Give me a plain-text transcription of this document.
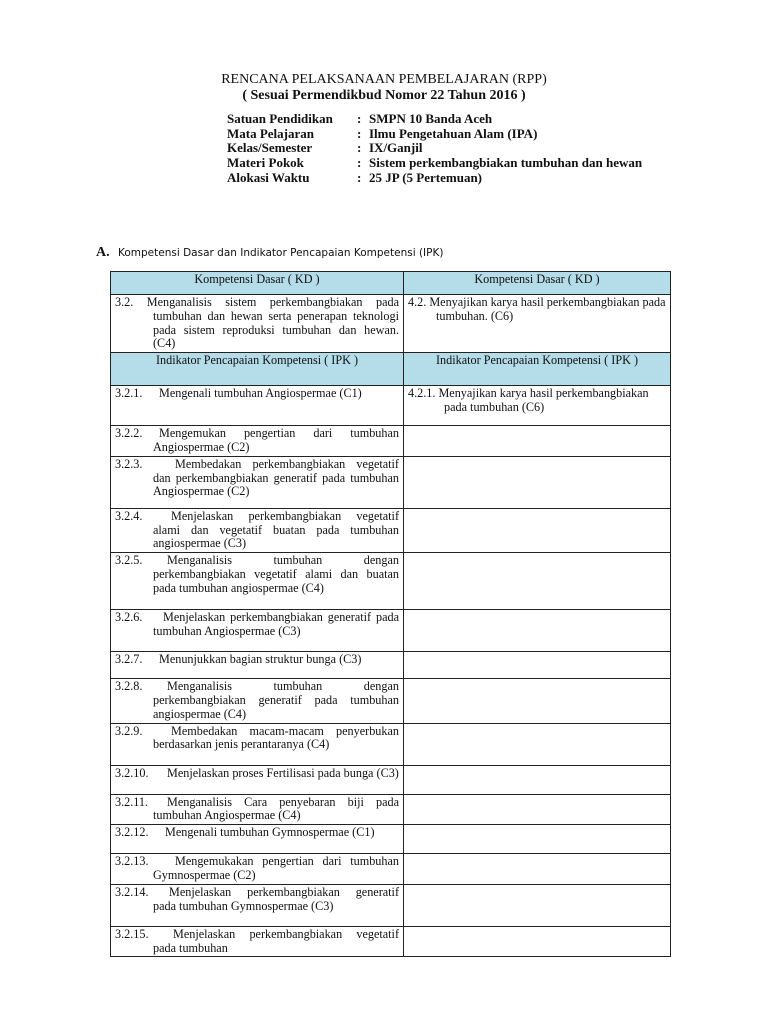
RENCANA PELAKSANAAN PEMBELAJARAN (RPP)
( Sesuai Permendikbud Nomor 22 Tahun 2016 )
Satuan Pendidikan	: SMPN 10 Banda Aceh
Mata Pelajaran	: Ilmu Pengetahuan Alam (IPA)
Kelas/Semester	: IX/Ganjil
Materi Pokok	: Sistem perkembangbiakan tumbuhan dan hewan
Alokasi Waktu	: 25 JP (5 Pertemuan)
A. Kompetensi Dasar dan Indikator Pencapaian Kompetensi (IPK)
Kompetensi Dasar ( KD )	Kompetensi Dasar ( KD )

3.2. Menganalisis sistem perkembangbiakan pada tumbuhan dan hewan serta penerapan teknologi pada sistem reproduksi tumbuhan dan hewan. (C4)	4.2. Menyajikan karya hasil perkembangbiakan pada tumbuhan. (C6)

Indikator Pencapaian Kompetensi ( IPK )	Indikator Pencapaian Kompetensi ( IPK )

3.2.1. Mengenali tumbuhan Angiospermae (C1)	4.2.1. Menyajikan karya hasil perkembangbiakan pada tumbuhan (C6)

3.2.2. Mengemukan pengertian dari tumbuhan Angiospermae (C2)	

3.2.3. Membedakan perkembangbiakan vegetatif dan perkembangbiakan generatif pada tumbuhan Angiospermae (C2)	

3.2.4. Menjelaskan perkembangbiakan vegetatif alami dan vegetatif buatan pada tumbuhan angiospermae (C3)	

3.2.5. Menganalisis tumbuhan dengan perkembangbiakan vegetatif alami dan buatan pada tumbuhan angiospermae (C4)	

3.2.6. Menjelaskan perkembangbiakan generatif pada tumbuhan Angiospermae (C3)	

3.2.7. Menunjukkan bagian struktur bunga (C3)	

3.2.8. Menganalisis tumbuhan dengan perkembangbiakan generatif pada tumbuhan angiospermae (C4)	

3.2.9. Membedakan macam-macam penyerbukan berdasarkan jenis perantaranya (C4)	

3.2.10. Menjelaskan proses Fertilisasi pada bunga (C3)	

3.2.11. Menganalisis Cara penyebaran biji pada tumbuhan Angiospermae (C4)	

3.2.12. Mengenali tumbuhan Gymnospermae (C1)	

3.2.13. Mengemukakan pengertian dari tumbuhan Gymnospermae (C2)	

3.2.14. Menjelaskan perkembangbiakan generatif pada tumbuhan Gymnospermae (C3)	

3.2.15. Menjelaskan perkembangbiakan vegetatif pada tumbuhan	
